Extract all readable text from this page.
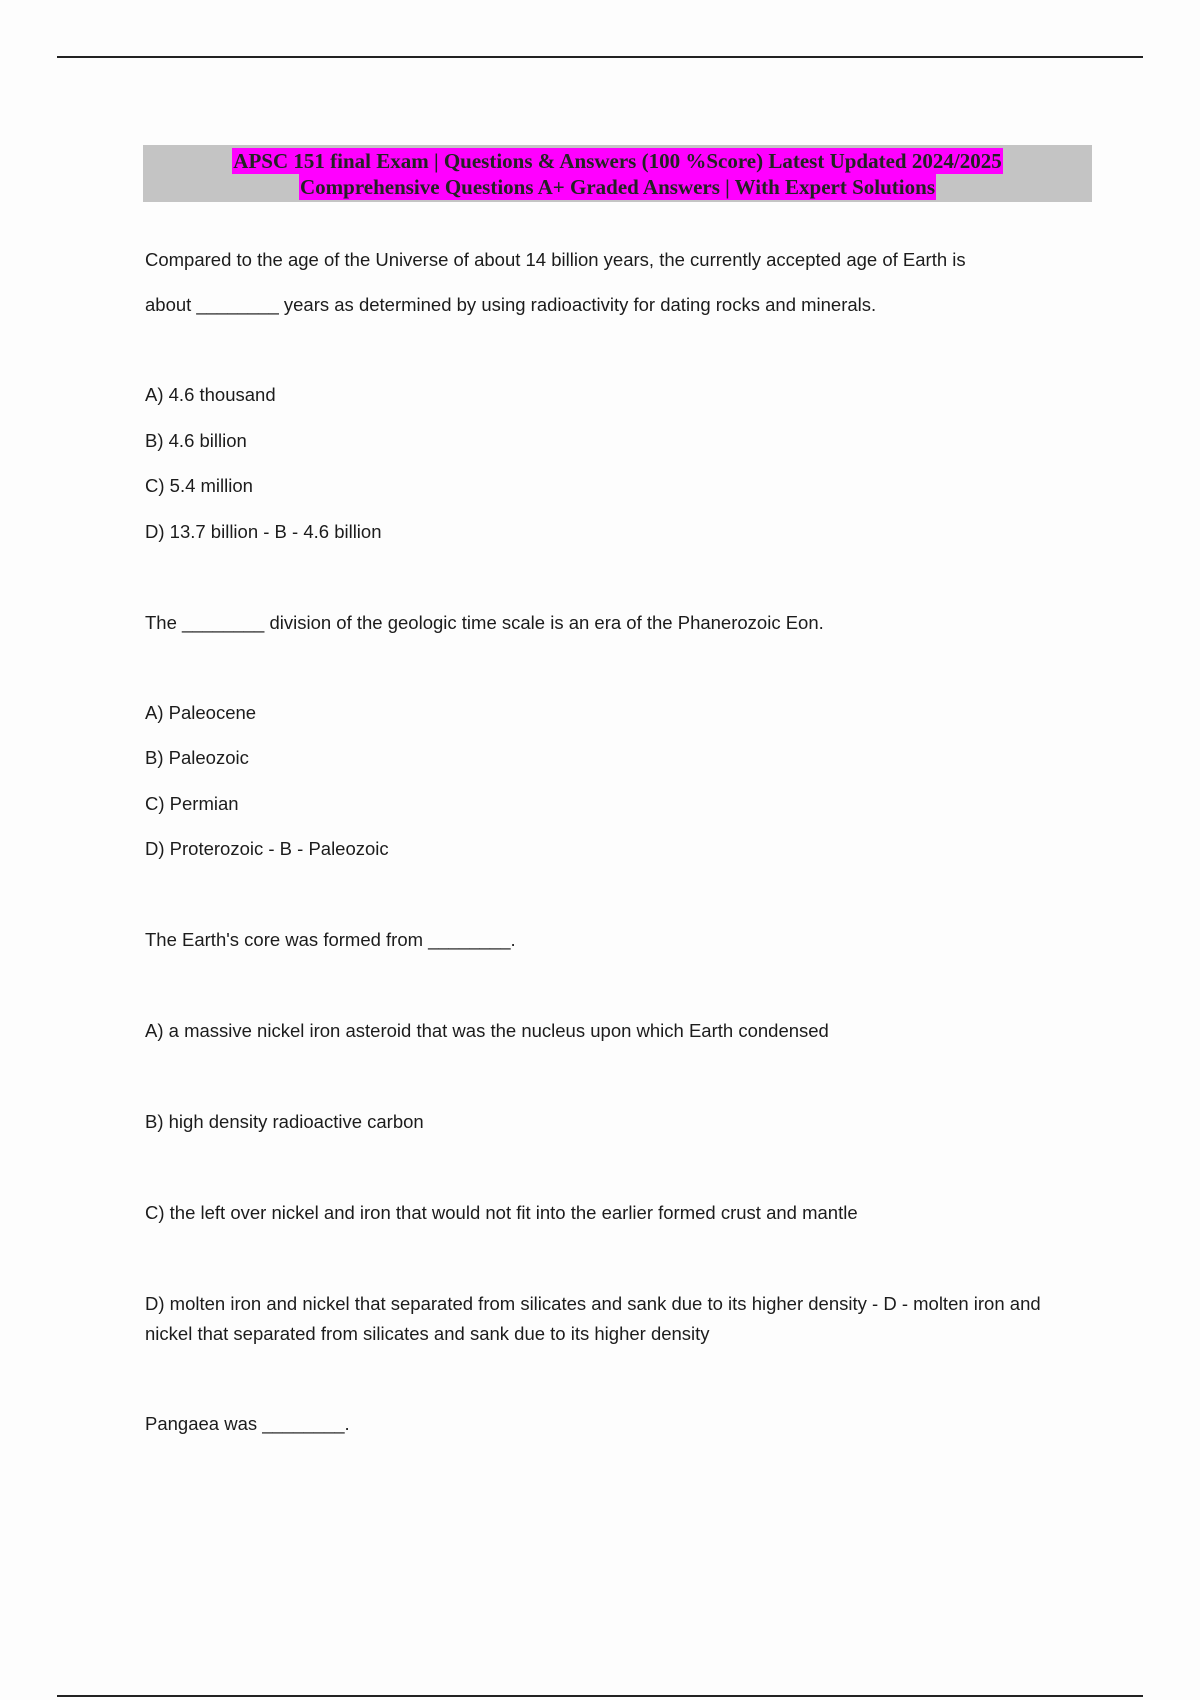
APSC 151 final Exam | Questions & Answers (100 %Score) Latest Updated 2024/2025
Comprehensive Questions A+ Graded Answers | With Expert Solutions
Compared to the age of the Universe of about 14 billion years, the currently accepted age of Earth is
about ________ years as determined by using radioactivity for dating rocks and minerals.
A) 4.6 thousand
B) 4.6 billion
C) 5.4 million
D) 13.7 billion - B - 4.6 billion
The ________ division of the geologic time scale is an era of the Phanerozoic Eon.
A) Paleocene
B) Paleozoic
C) Permian
D) Proterozoic - B - Paleozoic
The Earth's core was formed from ________.
A) a massive nickel iron asteroid that was the nucleus upon which Earth condensed
B) high density radioactive carbon
C) the left over nickel and iron that would not fit into the earlier formed crust and mantle
D) molten iron and nickel that separated from silicates and sank due to its higher density - D - molten iron and nickel that separated from silicates and sank due to its higher density
Pangaea was ________.
